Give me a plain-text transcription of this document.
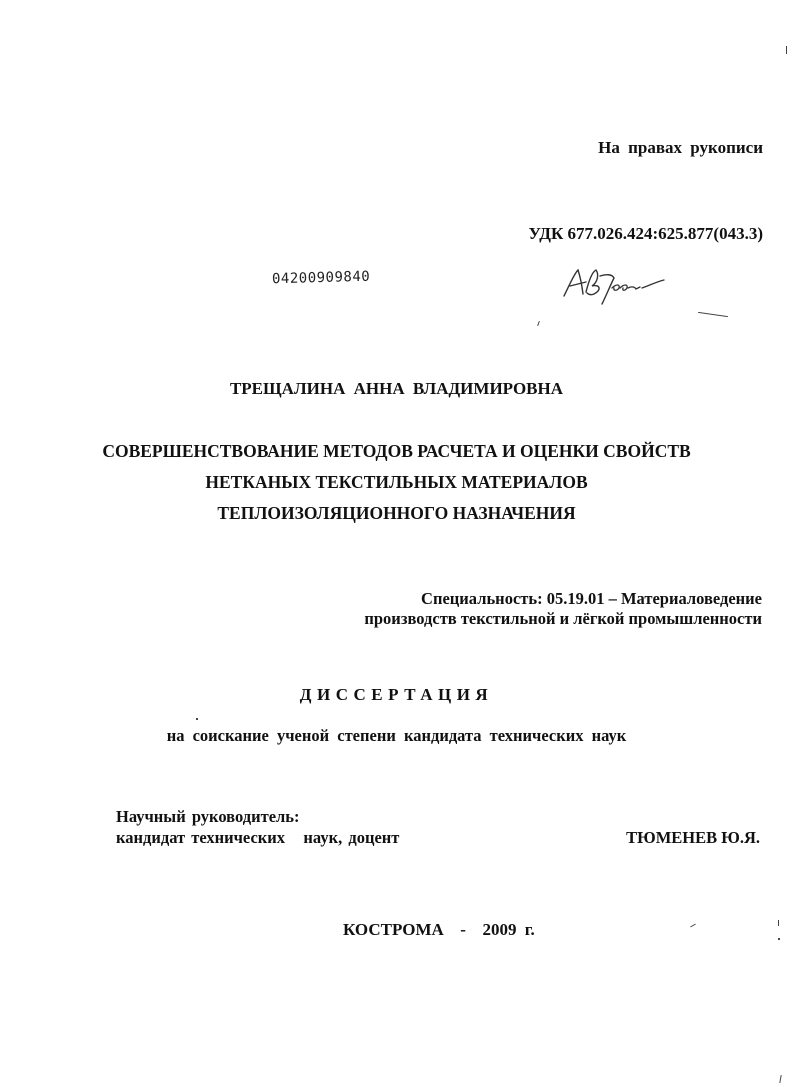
На правах рукописи
УДК 677.026.424:625.877(043.3)
04200909840
ТРЕЩАЛИНА АННА ВЛАДИМИРОВНА
СОВЕРШЕНСТВОВАНИЕ МЕТОДОВ РАСЧЕТА И ОЦЕНКИ СВОЙСТВ
НЕТКАНЫХ ТЕКСТИЛЬНЫХ МАТЕРИАЛОВ
ТЕПЛОИЗОЛЯЦИОННОГО НАЗНАЧЕНИЯ
Специальность: 05.19.01 – Материаловедение
производств текстильной и лёгкой промышленности
ДИССЕРТАЦИЯ
на соискание ученой степени кандидата технических наук
Научный руководитель:
кандидат технических   наук, доцент	ТЮМЕНЕВ Ю.Я.
КОСТРОМА  -  2009 г.
